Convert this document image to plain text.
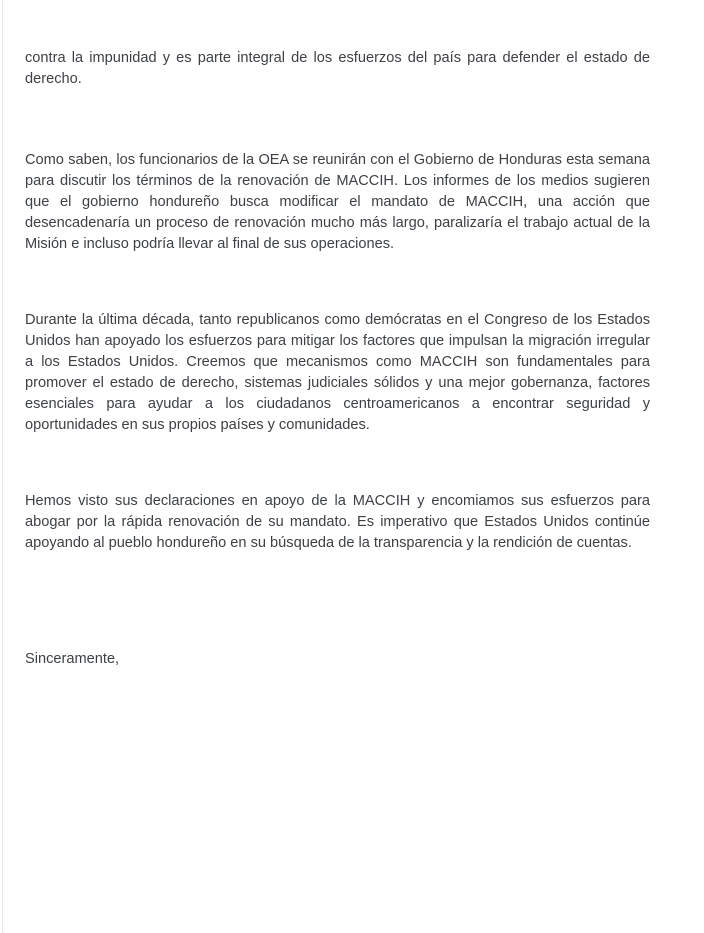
contra la impunidad y es parte integral de los esfuerzos del país para defender el estado de
derecho.
Como saben, los funcionarios de la OEA se reunirán con el Gobierno de Honduras esta semana
para discutir los términos de la renovación de MACCIH. Los informes de los medios sugieren
que el gobierno hondureño busca modificar el mandato de MACCIH, una acción que
desencadenaría un proceso de renovación mucho más largo, paralizaría el trabajo actual de la
Misión e incluso podría llevar al final de sus operaciones.
Durante la última década, tanto republicanos como demócratas en el Congreso de los Estados
Unidos han apoyado los esfuerzos para mitigar los factores que impulsan la migración irregular
a los Estados Unidos. Creemos que mecanismos como MACCIH son fundamentales para
promover el estado de derecho, sistemas judiciales sólidos y una mejor gobernanza, factores
esenciales para ayudar a los ciudadanos centroamericanos a encontrar seguridad y
oportunidades en sus propios países y comunidades.
Hemos visto sus declaraciones en apoyo de la MACCIH y encomiamos sus esfuerzos para
abogar por la rápida renovación de su mandato. Es imperativo que Estados Unidos continúe
apoyando al pueblo hondureño en su búsqueda de la transparencia y la rendición de cuentas.
Sinceramente,
